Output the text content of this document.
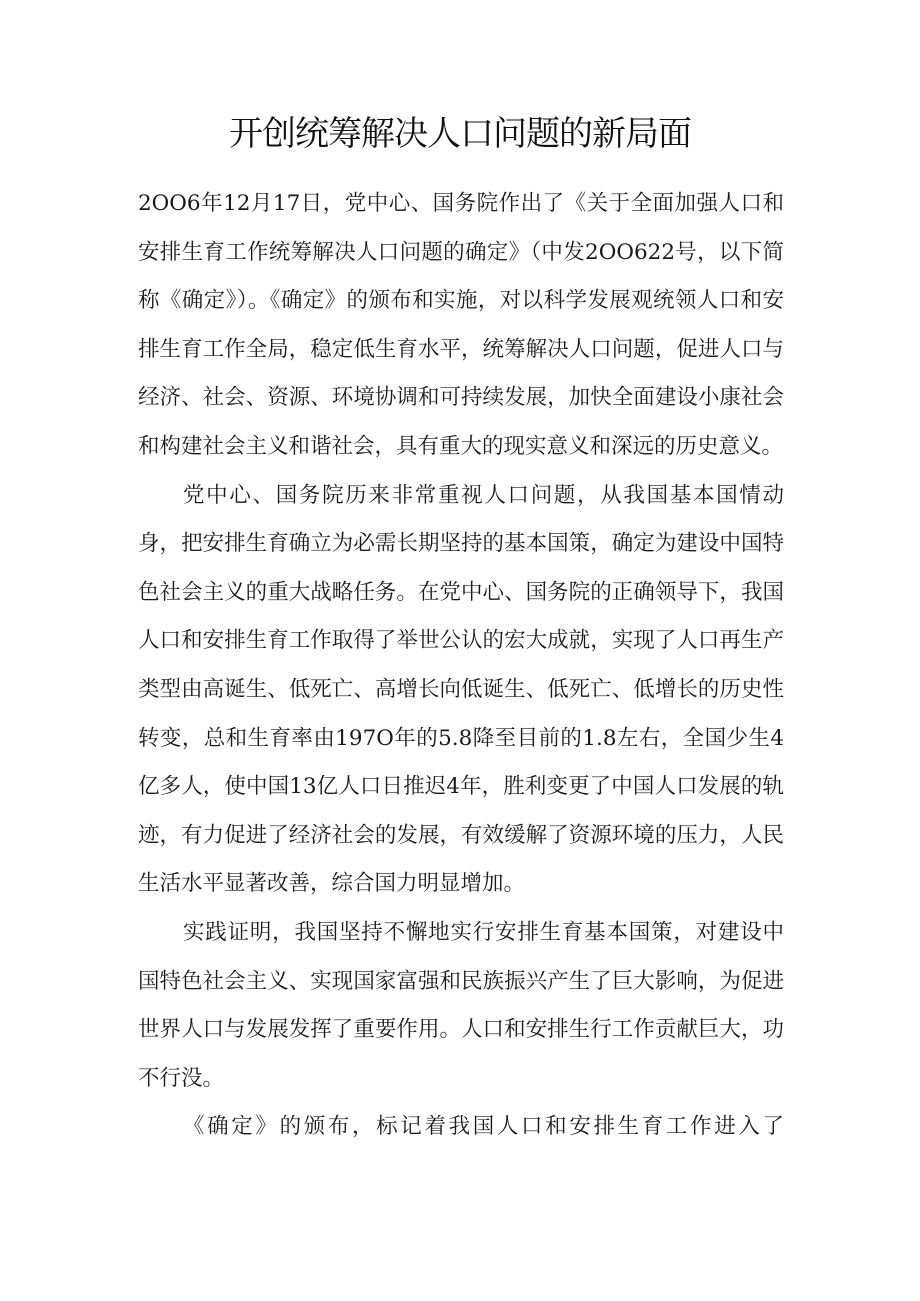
开创统筹解决人口问题的新局面

2OO6年12月17日，党中心、国务院作出了《关于全面加强人口和安排生育工作统筹解决人口问题的确定》（中发2OO622号，以下简称《确定》）。《确定》的颁布和实施，对以科学发展观统领人口和安排生育工作全局，稳定低生育水平，统筹解决人口问题，促进人口与经济、社会、资源、环境协调和可持续发展，加快全面建设小康社会和构建社会主义和谐社会，具有重大的现实意义和深远的历史意义。

党中心、国务院历来非常重视人口问题，从我国基本国情动身，把安排生育确立为必需长期坚持的基本国策，确定为建设中国特色社会主义的重大战略任务。在党中心、国务院的正确领导下，我国人口和安排生育工作取得了举世公认的宏大成就，实现了人口再生产类型由高诞生、低死亡、高增长向低诞生、低死亡、低增长的历史性转变，总和生育率由197O年的5.8降至目前的1.8左右，全国少生4亿多人，使中国13亿人口日推迟4年，胜利变更了中国人口发展的轨迹，有力促进了经济社会的发展，有效缓解了资源环境的压力，人民生活水平显著改善，综合国力明显增加。

实践证明，我国坚持不懈地实行安排生育基本国策，对建设中国特色社会主义、实现国家富强和民族振兴产生了巨大影响，为促进世界人口与发展发挥了重要作用。人口和安排生行工作贡献巨大，功不行没。

《确定》的颁布，标记着我国人口和安排生育工作进入了
